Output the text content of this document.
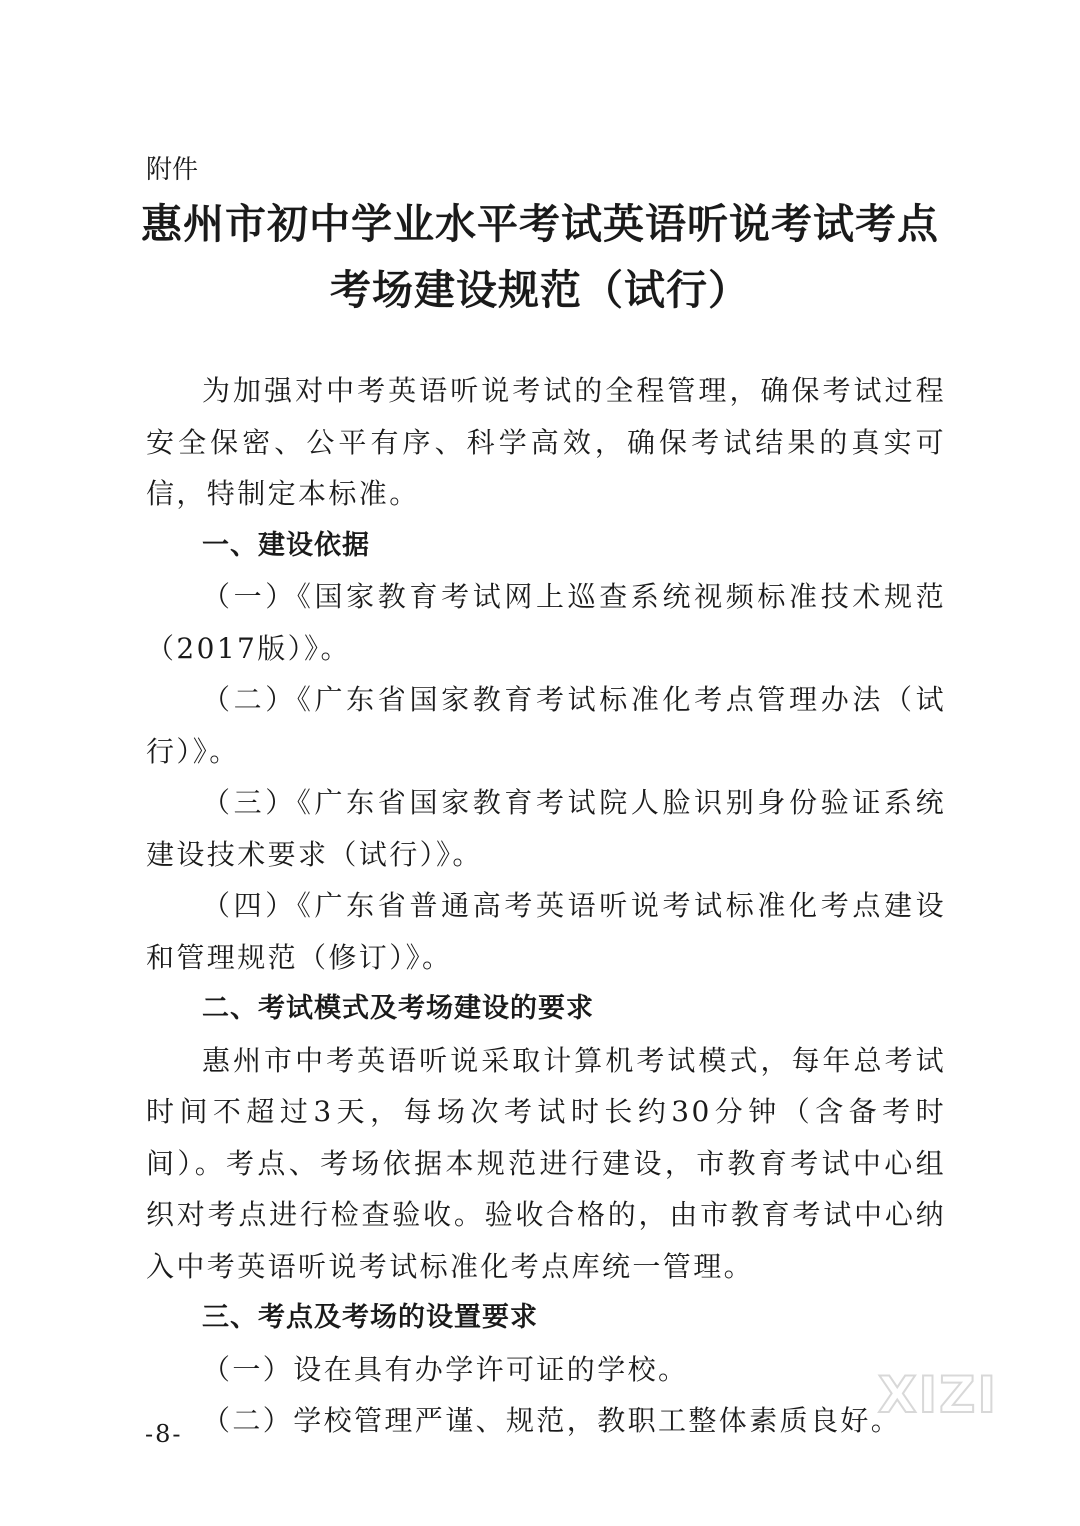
附件
惠州市初中学业水平考试英语听说考试考点
考场建设规范（试行）

为加强对中考英语听说考试的全程管理，确保考试过程安全保密、公平有序、科学高效，确保考试结果的真实可信，特制定本标准。

一、建设依据

（一）《国家教育考试网上巡查系统视频标准技术规范（2017版）》。

（二）《广东省国家教育考试标准化考点管理办法（试行）》。

（三）《广东省国家教育考试院人脸识别身份验证系统建设技术要求（试行）》。

（四）《广东省普通高考英语听说考试标准化考点建设和管理规范（修订）》。

二、考试模式及考场建设的要求

惠州市中考英语听说采取计算机考试模式，每年总考试时间不超过3天，每场次考试时长约30分钟（含备考时间）。考点、考场依据本规范进行建设，市教育考试中心组织对考点进行检查验收。验收合格的，由市教育考试中心纳入中考英语听说考试标准化考点库统一管理。

三、考点及考场的设置要求

（一）设在具有办学许可证的学校。

（二）学校管理严谨、规范，教职工整体素质良好。

-8-
XIZI
